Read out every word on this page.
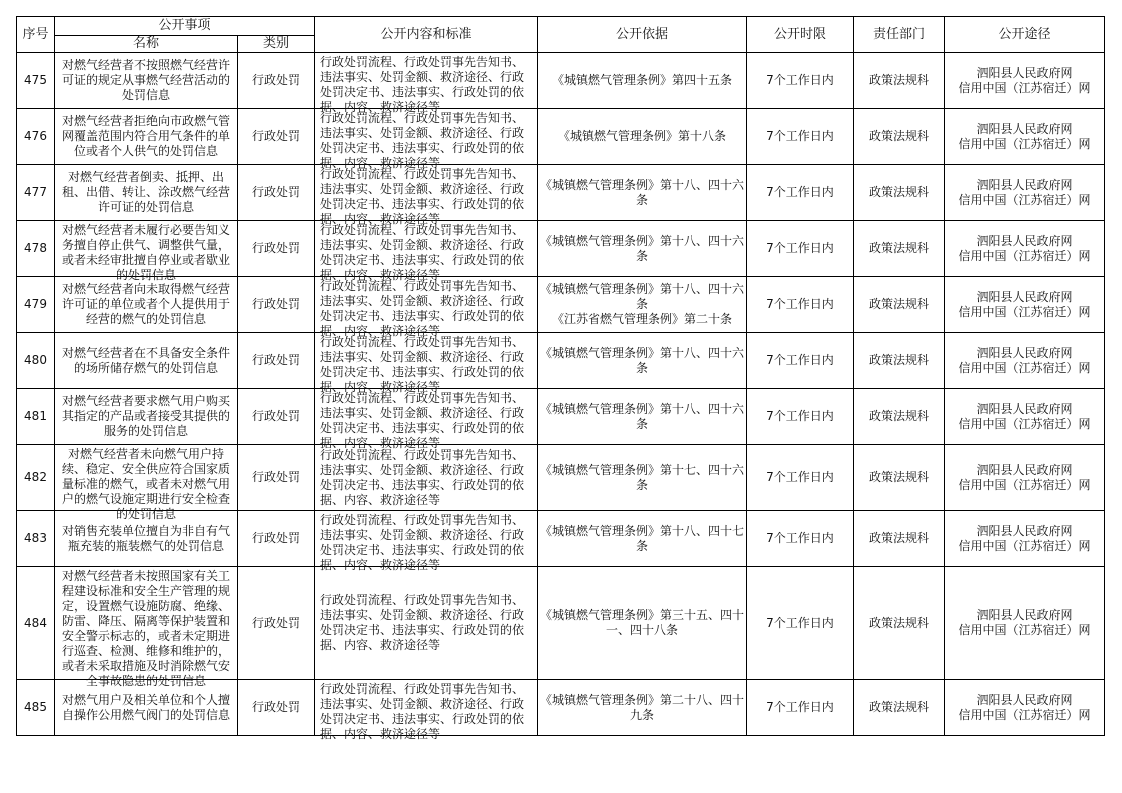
序号	公开事项		公开内容和标准	公开依据	公开时限	责任部门	公开途径
	名称	类别					

475	对燃气经营者不按照燃气经营许可证的规定从事燃气经营活动的处罚信息	行政处罚	行政处罚流程、行政处罚事先告知书、违法事实、处罚金额、救济途径、行政处罚决定书、违法事实、行政处罚的依据、内容、救济途径等	《城镇燃气管理条例》第四十五条	7个工作日内	政策法规科	泗阳县人民政府网
信用中国（江苏宿迁）网

476	对燃气经营者拒绝向市政燃气管网覆盖范围内符合用气条件的单位或者个人供气的处罚信息	行政处罚	行政处罚流程、行政处罚事先告知书、违法事实、处罚金额、救济途径、行政处罚决定书、违法事实、行政处罚的依据、内容、救济途径等	《城镇燃气管理条例》第十八条	7个工作日内	政策法规科	泗阳县人民政府网
信用中国（江苏宿迁）网

477	对燃气经营者倒卖、抵押、出租、出借、转让、涂改燃气经营许可证的处罚信息	行政处罚	行政处罚流程、行政处罚事先告知书、违法事实、处罚金额、救济途径、行政处罚决定书、违法事实、行政处罚的依据、内容、救济途径等	《城镇燃气管理条例》第十八、四十六条	7个工作日内	政策法规科	泗阳县人民政府网
信用中国（江苏宿迁）网

478	对燃气经营者未履行必要告知义务擅自停止供气、调整供气量，或者未经审批擅自停业或者歇业的处罚信息	行政处罚	行政处罚流程、行政处罚事先告知书、违法事实、处罚金额、救济途径、行政处罚决定书、违法事实、行政处罚的依据、内容、救济途径等	《城镇燃气管理条例》第十八、四十六条	7个工作日内	政策法规科	泗阳县人民政府网
信用中国（江苏宿迁）网

479	对燃气经营者向未取得燃气经营许可证的单位或者个人提供用于经营的燃气的处罚信息	行政处罚	行政处罚流程、行政处罚事先告知书、违法事实、处罚金额、救济途径、行政处罚决定书、违法事实、行政处罚的依据、内容、救济途径等	《城镇燃气管理条例》第十八、四十六条
《江苏省燃气管理条例》第二十条	7个工作日内	政策法规科	泗阳县人民政府网
信用中国（江苏宿迁）网

480	对燃气经营者在不具备安全条件的场所储存燃气的处罚信息	行政处罚	行政处罚流程、行政处罚事先告知书、违法事实、处罚金额、救济途径、行政处罚决定书、违法事实、行政处罚的依据、内容、救济途径等	《城镇燃气管理条例》第十八、四十六条	7个工作日内	政策法规科	泗阳县人民政府网
信用中国（江苏宿迁）网

481	对燃气经营者要求燃气用户购买其指定的产品或者接受其提供的服务的处罚信息	行政处罚	行政处罚流程、行政处罚事先告知书、违法事实、处罚金额、救济途径、行政处罚决定书、违法事实、行政处罚的依据、内容、救济途径等	《城镇燃气管理条例》第十八、四十六条	7个工作日内	政策法规科	泗阳县人民政府网
信用中国（江苏宿迁）网

482	对燃气经营者未向燃气用户持续、稳定、安全供应符合国家质量标准的燃气，或者未对燃气用户的燃气设施定期进行安全检查的处罚信息	行政处罚	行政处罚流程、行政处罚事先告知书、违法事实、处罚金额、救济途径、行政处罚决定书、违法事实、行政处罚的依据、内容、救济途径等	《城镇燃气管理条例》第十七、四十六条	7个工作日内	政策法规科	泗阳县人民政府网
信用中国（江苏宿迁）网

483	对销售充装单位擅自为非自有气瓶充装的瓶装燃气的处罚信息	行政处罚	行政处罚流程、行政处罚事先告知书、违法事实、处罚金额、救济途径、行政处罚决定书、违法事实、行政处罚的依据、内容、救济途径等	《城镇燃气管理条例》第十八、四十七条	7个工作日内	政策法规科	泗阳县人民政府网
信用中国（江苏宿迁）网

484	对燃气经营者未按照国家有关工程建设标准和安全生产管理的规定，设置燃气设施防腐、绝缘、防雷、降压、隔离等保护装置和安全警示标志的，或者未定期进行巡查、检测、维修和维护的，或者未采取措施及时消除燃气安全事故隐患的处罚信息	行政处罚	行政处罚流程、行政处罚事先告知书、违法事实、处罚金额、救济途径、行政处罚决定书、违法事实、行政处罚的依据、内容、救济途径等	《城镇燃气管理条例》第三十五、四十一、四十八条	7个工作日内	政策法规科	泗阳县人民政府网
信用中国（江苏宿迁）网

485	对燃气用户及相关单位和个人擅自操作公用燃气阀门的处罚信息	行政处罚	行政处罚流程、行政处罚事先告知书、违法事实、处罚金额、救济途径、行政处罚决定书、违法事实、行政处罚的依据、内容、救济途径等	《城镇燃气管理条例》第二十八、四十九条	7个工作日内	政策法规科	泗阳县人民政府网
信用中国（江苏宿迁）网
